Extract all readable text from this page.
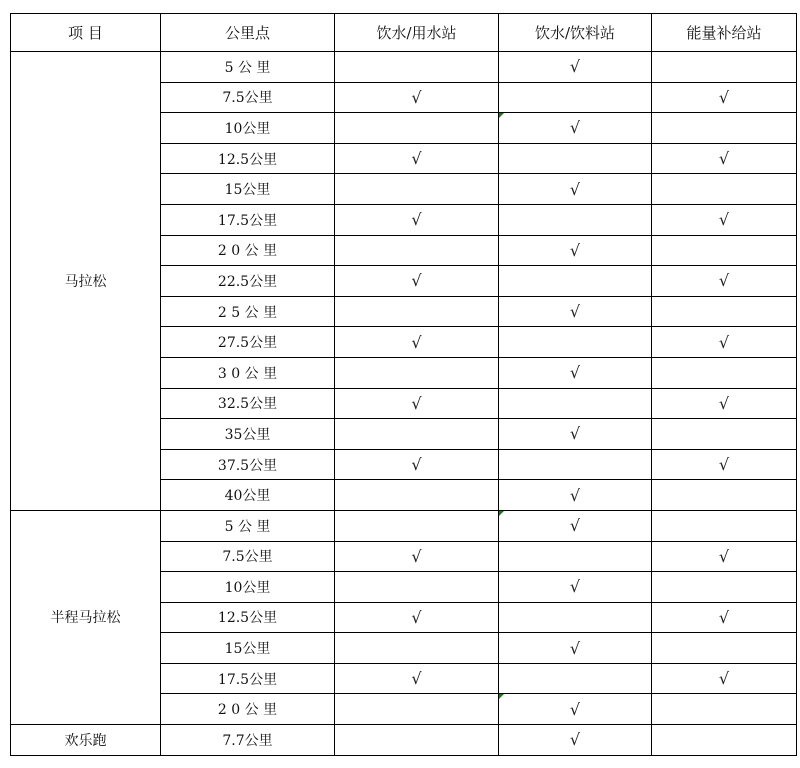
项 目	公里点	饮水/用水站	饮水/饮料站	能量补给站
马拉松	5 公 里		√	
	7.5公里	√		√
	10公里		√	
	12.5公里	√		√
	15公里		√	
	17.5公里	√		√
	2 0 公 里		√	
	22.5公里	√		√
	2 5 公 里		√	
	27.5公里	√		√
	3 0 公 里		√	
	32.5公里	√		√
	35公里		√	
	37.5公里	√		√
	40公里		√	
半程马拉松	5 公 里		√	
	7.5公里	√		√
	10公里		√	
	12.5公里	√		√
	15公里		√	
	17.5公里	√		√
	2 0 公 里		√	
欢乐跑	7.7公里		√	
